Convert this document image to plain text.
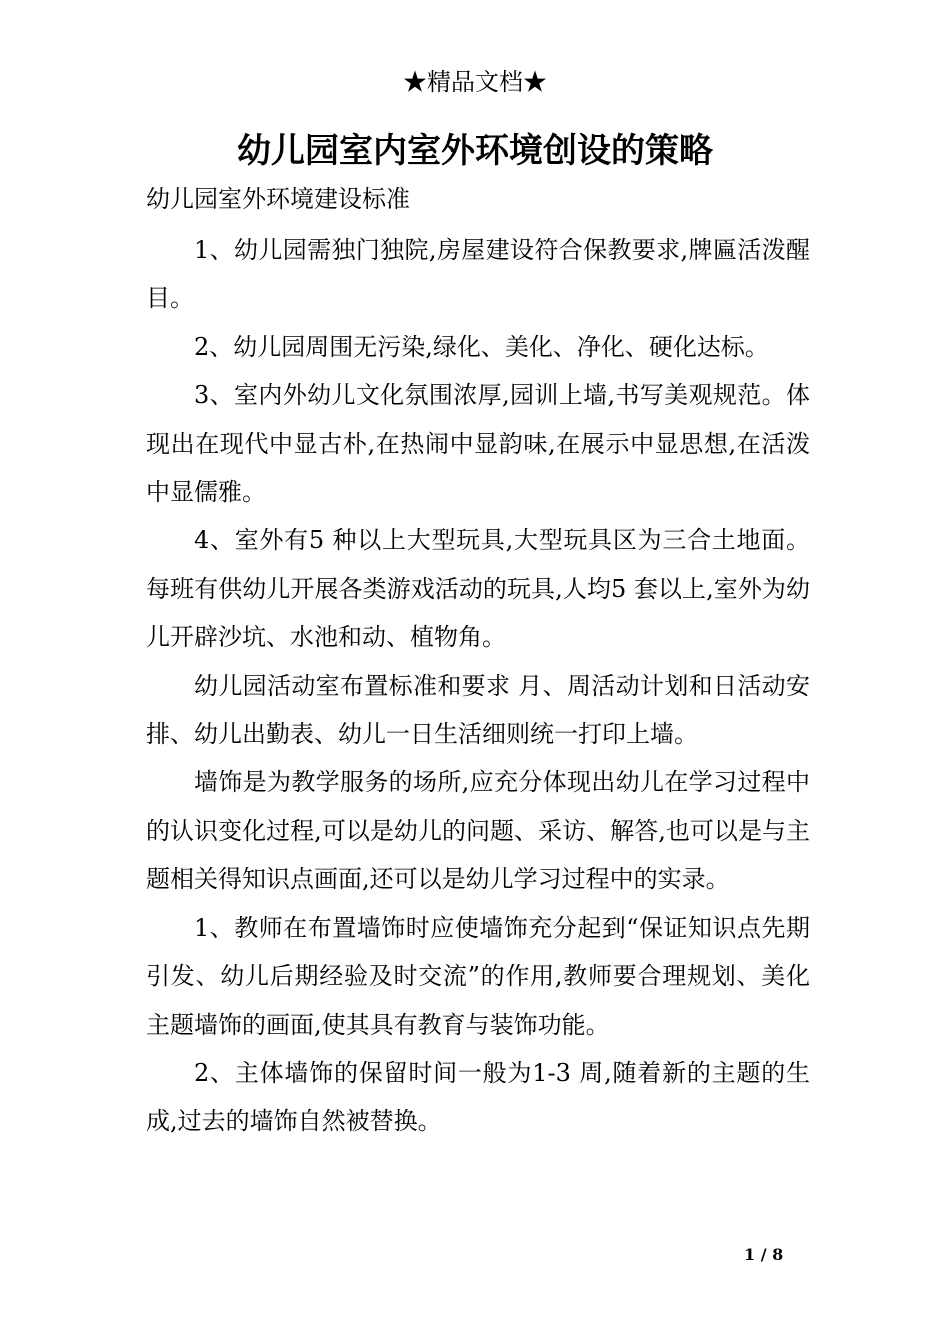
★精品文档★
幼儿园室内室外环境创设的策略
幼儿园室外环境建设标准

1、幼儿园需独门独院,房屋建设符合保教要求,牌匾活泼醒目。

2、幼儿园周围无污染,绿化、美化、净化、硬化达标。

3、室内外幼儿文化氛围浓厚,园训上墙,书写美观规范。体现出在现代中显古朴,在热闹中显韵味,在展示中显思想,在活泼中显儒雅。

4、室外有5 种以上大型玩具,大型玩具区为三合土地面。每班有供幼儿开展各类游戏活动的玩具,人均5 套以上,室外为幼儿开辟沙坑、水池和动、植物角。

幼儿园活动室布置标准和要求 月、周活动计划和日活动安排、幼儿出勤表、幼儿一日生活细则统一打印上墙。

墙饰是为教学服务的场所,应充分体现出幼儿在学习过程中的认识变化过程,可以是幼儿的问题、采访、解答,也可以是与主题相关得知识点画面,还可以是幼儿学习过程中的实录。

1、教师在布置墙饰时应使墙饰充分起到“保证知识点先期引发、幼儿后期经验及时交流”的作用,教师要合理规划、美化主题墙饰的画面,使其具有教育与装饰功能。

2、主体墙饰的保留时间一般为1-3 周,随着新的主题的生成,过去的墙饰自然被替换。

1 / 8
